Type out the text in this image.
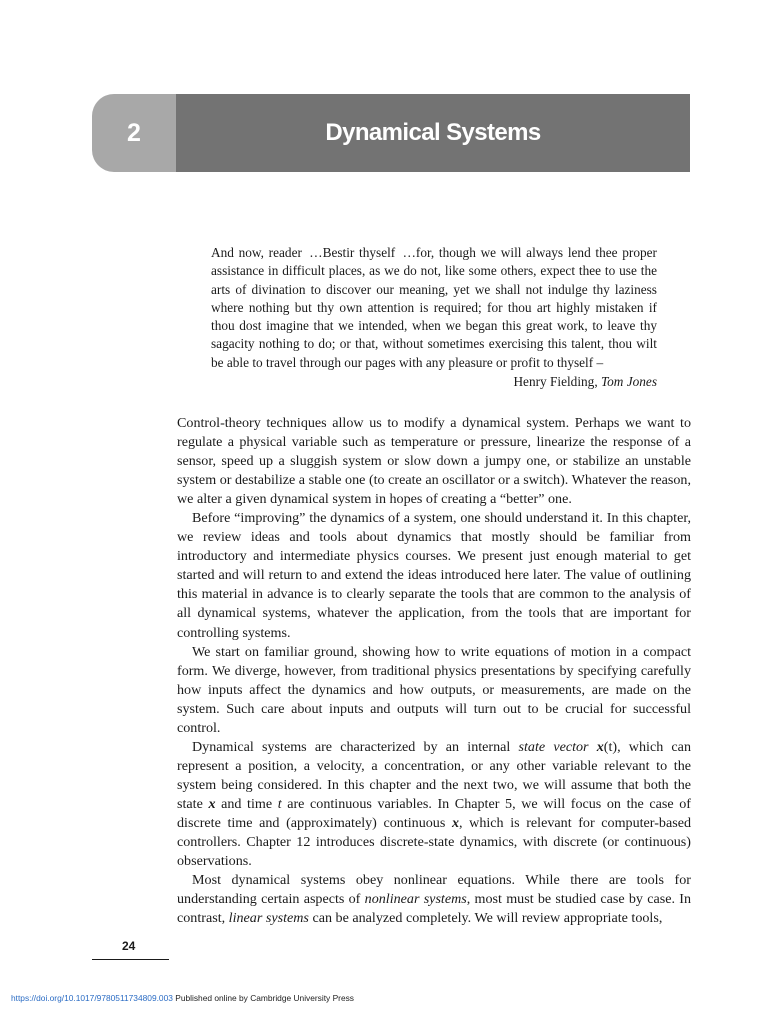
2	Dynamical Systems

And now, reader  …Bestir thyself  …for, though we will always lend thee proper assistance in difficult places, as we do not, like some others, expect thee to use the arts of divination to discover our meaning, yet we shall not indulge thy laziness where nothing but thy own attention is required; for thou art highly mistaken if thou dost imagine that we intended, when we began this great work, to leave thy sagacity nothing to do; or that, without sometimes exercising this talent, thou wilt be able to travel through our pages with any pleasure or profit to thyself –

Henry Fielding, Tom Jones

Control-theory techniques allow us to modify a dynamical system. Perhaps we want to regulate a physical variable such as temperature or pressure, linearize the response of a sensor, speed up a sluggish system or slow down a jumpy one, or stabilize an unstable system or destabilize a stable one (to create an oscillator or a switch). Whatever the reason, we alter a given dynamical system in hopes of creating a “better” one.

Before “improving” the dynamics of a system, one should understand it. In this chapter, we review ideas and tools about dynamics that mostly should be familiar from introductory and intermediate physics courses. We present just enough material to get started and will return to and extend the ideas introduced here later. The value of outlining this material in advance is to clearly separate the tools that are common to the analysis of all dynamical systems, whatever the application, from the tools that are important for controlling systems.

We start on familiar ground, showing how to write equations of motion in a compact form. We diverge, however, from traditional physics presentations by specifying carefully how inputs affect the dynamics and how outputs, or measurements, are made on the system. Such care about inputs and outputs will turn out to be crucial for successful control.

Dynamical systems are characterized by an internal state vector x(t), which can represent a position, a velocity, a concentration, or any other variable relevant to the system being considered. In this chapter and the next two, we will assume that both the state x and time t are continuous variables. In Chapter 5, we will focus on the case of discrete time and (approximately) continuous x, which is relevant for computer-based controllers. Chapter 12 introduces discrete-state dynamics, with discrete (or continuous) observations.

Most dynamical systems obey nonlinear equations. While there are tools for understanding certain aspects of nonlinear systems, most must be studied case by case. In contrast, linear systems can be analyzed completely. We will review appropriate tools,

24
https://doi.org/10.1017/9780511734809.003 Published online by Cambridge University Press
